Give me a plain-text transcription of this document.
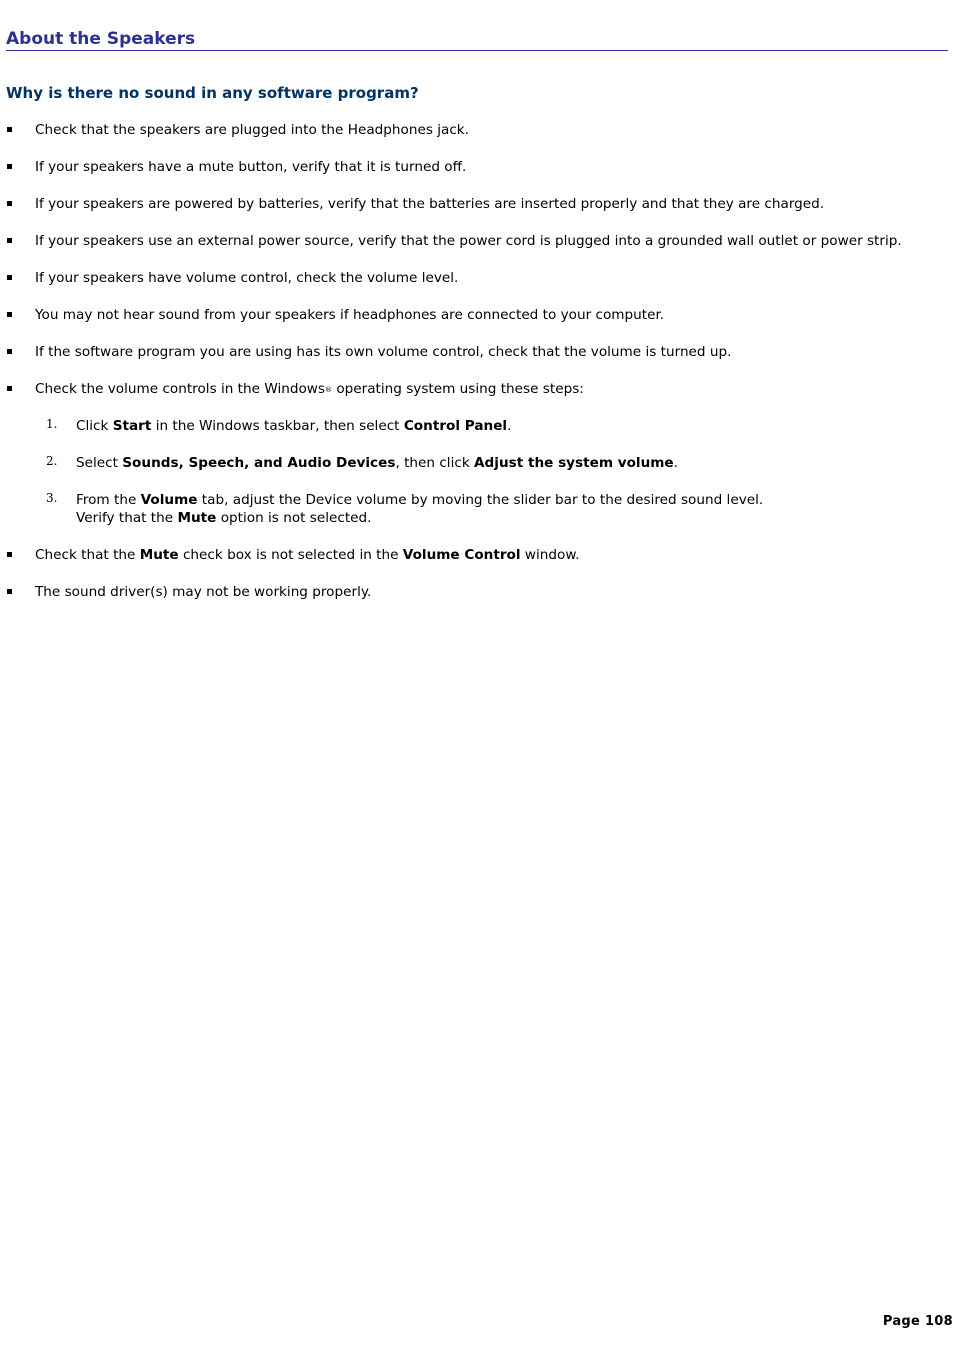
About the Speakers
Why is there no sound in any software program?
Check that the speakers are plugged into the Headphones jack.
If your speakers have a mute button, verify that it is turned off.
If your speakers are powered by batteries, verify that the batteries are inserted properly and that they are charged.
If your speakers use an external power source, verify that the power cord is plugged into a grounded wall outlet or power strip.
If your speakers have volume control, check the volume level.
You may not hear sound from your speakers if headphones are connected to your computer.
If the software program you are using has its own volume control, check that the volume is turned up.
Check the volume controls in the Windows® operating system using these steps:
1. Click Start in the Windows taskbar, then select Control Panel.
2. Select Sounds, Speech, and Audio Devices, then click Adjust the system volume.
3. From the Volume tab, adjust the Device volume by moving the slider bar to the desired sound level.
Verify that the Mute option is not selected.
Check that the Mute check box is not selected in the Volume Control window.
The sound driver(s) may not be working properly.
Page 108
